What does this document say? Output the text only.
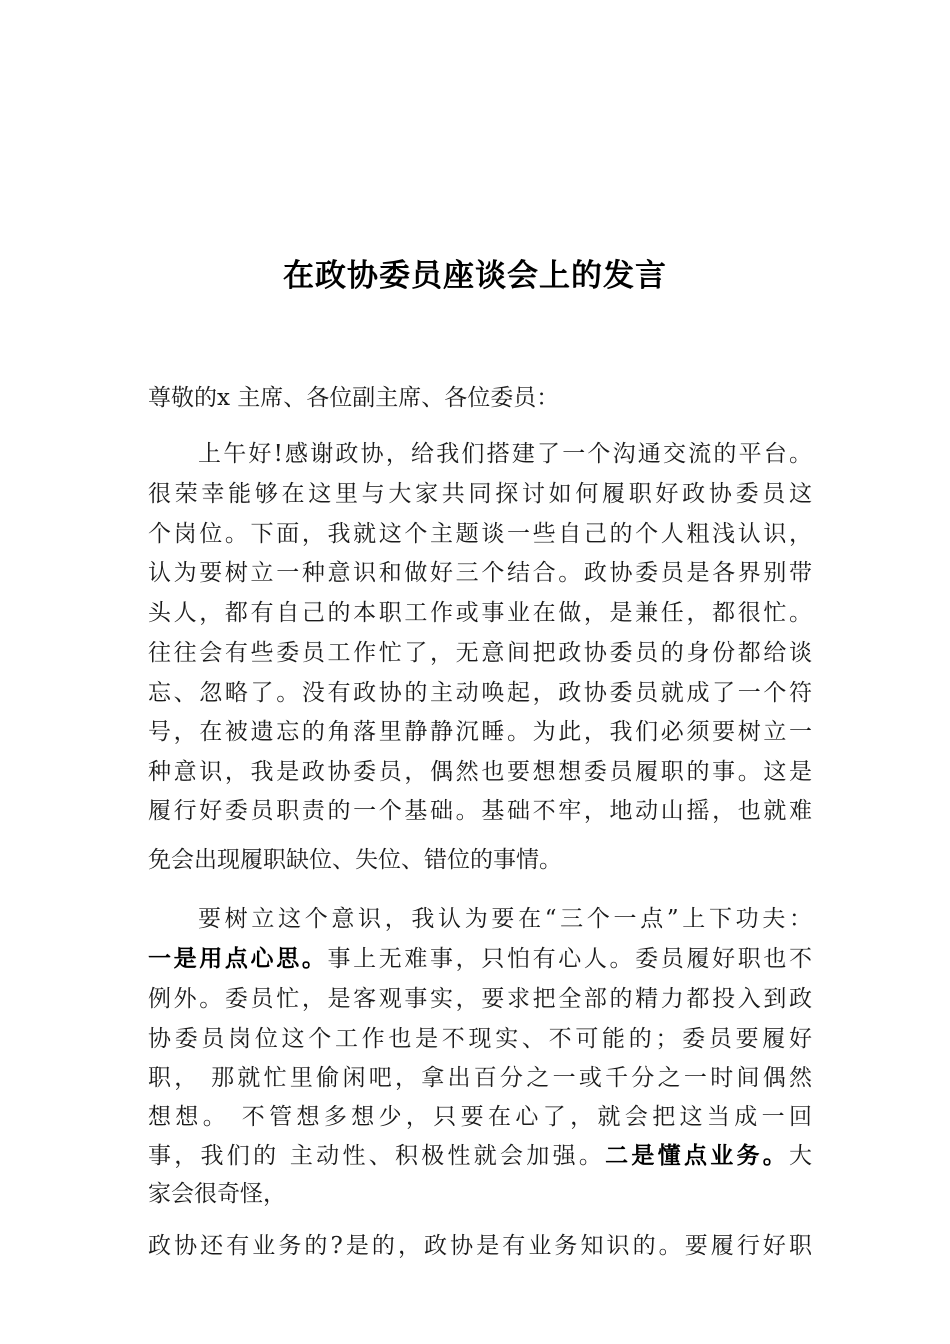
在政协委员座谈会上的发言
尊敬的x 主席、各位副主席、各位委员：
上午好!感谢政协，给我们搭建了一个沟通交流的平台。
很荣幸能够在这里与大家共同探讨如何履职好政协委员这
个岗位。下面，我就这个主题谈一些自己的个人粗浅认识，
认为要树立一种意识和做好三个结合。政协委员是各界别带
头人，都有自己的本职工作或事业在做，是兼任，都很忙。
往往会有些委员工作忙了，无意间把政协委员的身份都给谈
忘、忽略了。没有政协的主动唤起，政协委员就成了一个符
号，在被遗忘的角落里静静沉睡。为此，我们必须要树立一
种意识，我是政协委员，偶然也要想想委员履职的事。这是
履行好委员职责的一个基础。基础不牢，地动山摇，也就难
免会出现履职缺位、失位、错位的事情。
要树立这个意识，我认为要在“三个一点”上下功夫：
一是用点心思。事上无难事，只怕有心人。委员履好职也不
例外。委员忙，是客观事实，要求把全部的精力都投入到政
协委员岗位这个工作也是不现实、不可能的；委员要履好
职， 那就忙里偷闲吧，拿出百分之一或千分之一时间偶然
想想。 不管想多想少，只要在心了，就会把这当成一回
事，我们的 主动性、积极性就会加强。二是懂点业务。大
家会很奇怪，
政协还有业务的?是的，政协是有业务知识的。要履行好职
